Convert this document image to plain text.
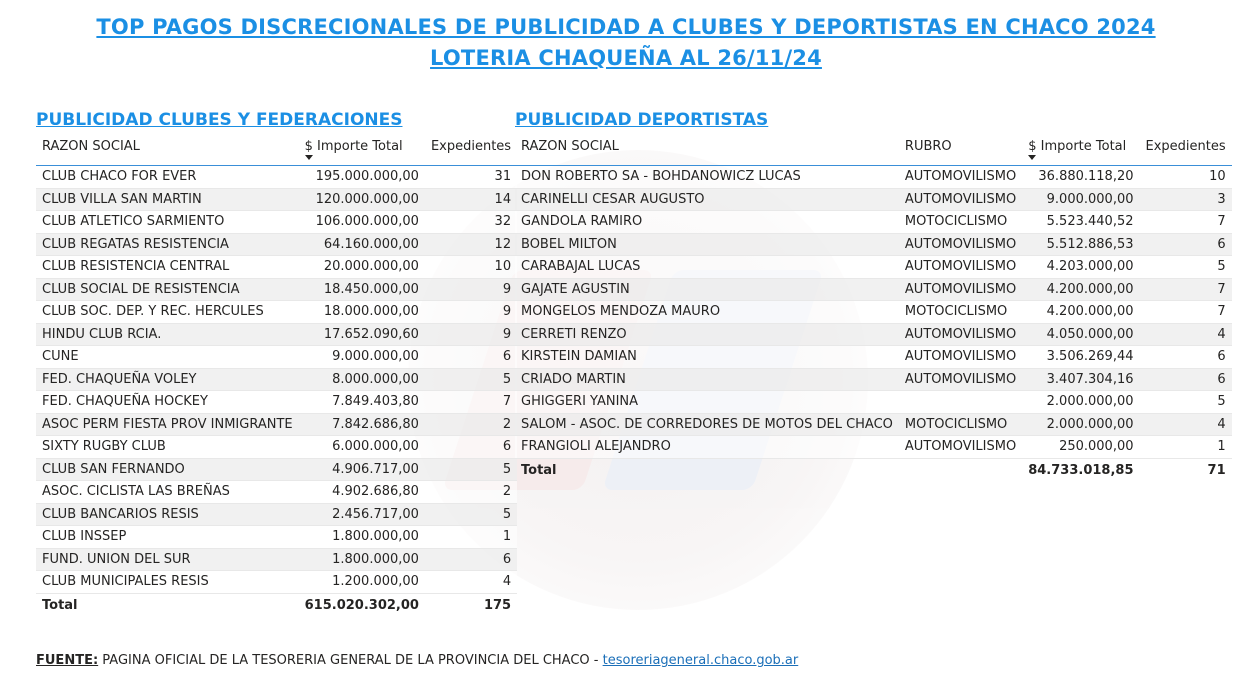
TOP PAGOS DISCRECIONALES DE PUBLICIDAD A CLUBES Y DEPORTISTAS EN CHACO 2024
LOTERIA CHAQUEÑA AL 26/11/24
PUBLICIDAD CLUBES Y FEDERACIONES	PUBLICIDAD DEPORTISTAS
RAZON SOCIAL	$ Importe Total	Expedientes
CLUB CHACO FOR EVER	195.000.000,00	31
CLUB VILLA SAN MARTIN	120.000.000,00	14
CLUB ATLETICO SARMIENTO	106.000.000,00	32
CLUB REGATAS RESISTENCIA	64.160.000,00	12
CLUB RESISTENCIA CENTRAL	20.000.000,00	10
CLUB SOCIAL DE RESISTENCIA	18.450.000,00	9
CLUB SOC. DEP. Y REC. HERCULES	18.000.000,00	9
HINDU CLUB RCIA.	17.652.090,60	9
CUNE	9.000.000,00	6
FED. CHAQUEÑA VOLEY	8.000.000,00	5
FED. CHAQUEÑA HOCKEY	7.849.403,80	7
ASOC PERM FIESTA PROV INMIGRANTE	7.842.686,80	2
SIXTY RUGBY CLUB	6.000.000,00	6
CLUB SAN FERNANDO	4.906.717,00	5
ASOC. CICLISTA LAS BREÑAS	4.902.686,80	2
CLUB BANCARIOS RESIS	2.456.717,00	5
CLUB INSSEP	1.800.000,00	1
FUND. UNION DEL SUR	1.800.000,00	6
CLUB MUNICIPALES RESIS	1.200.000,00	4
Total	615.020.302,00	175
RAZON SOCIAL	RUBRO	$ Importe Total	Expedientes
DON ROBERTO SA - BOHDANOWICZ LUCAS	AUTOMOVILISMO	36.880.118,20	10
CARINELLI CESAR AUGUSTO	AUTOMOVILISMO	9.000.000,00	3
GANDOLA RAMIRO	MOTOCICLISMO	5.523.440,52	7
BOBEL MILTON	AUTOMOVILISMO	5.512.886,53	6
CARABAJAL LUCAS	AUTOMOVILISMO	4.203.000,00	5
GAJATE AGUSTIN	AUTOMOVILISMO	4.200.000,00	7
MONGELOS MENDOZA MAURO	MOTOCICLISMO	4.200.000,00	7
CERRETI RENZO	AUTOMOVILISMO	4.050.000,00	4
KIRSTEIN DAMIAN	AUTOMOVILISMO	3.506.269,44	6
CRIADO MARTIN	AUTOMOVILISMO	3.407.304,16	6
GHIGGERI YANINA		2.000.000,00	5
SALOM - ASOC. DE CORREDORES DE MOTOS DEL CHACO	MOTOCICLISMO	2.000.000,00	4
FRANGIOLI ALEJANDRO	AUTOMOVILISMO	250.000,00	1
Total		84.733.018,85	71
FUENTE: PAGINA OFICIAL DE LA TESORERIA GENERAL DE LA PROVINCIA DEL CHACO - tesoreriageneral.chaco.gob.ar
